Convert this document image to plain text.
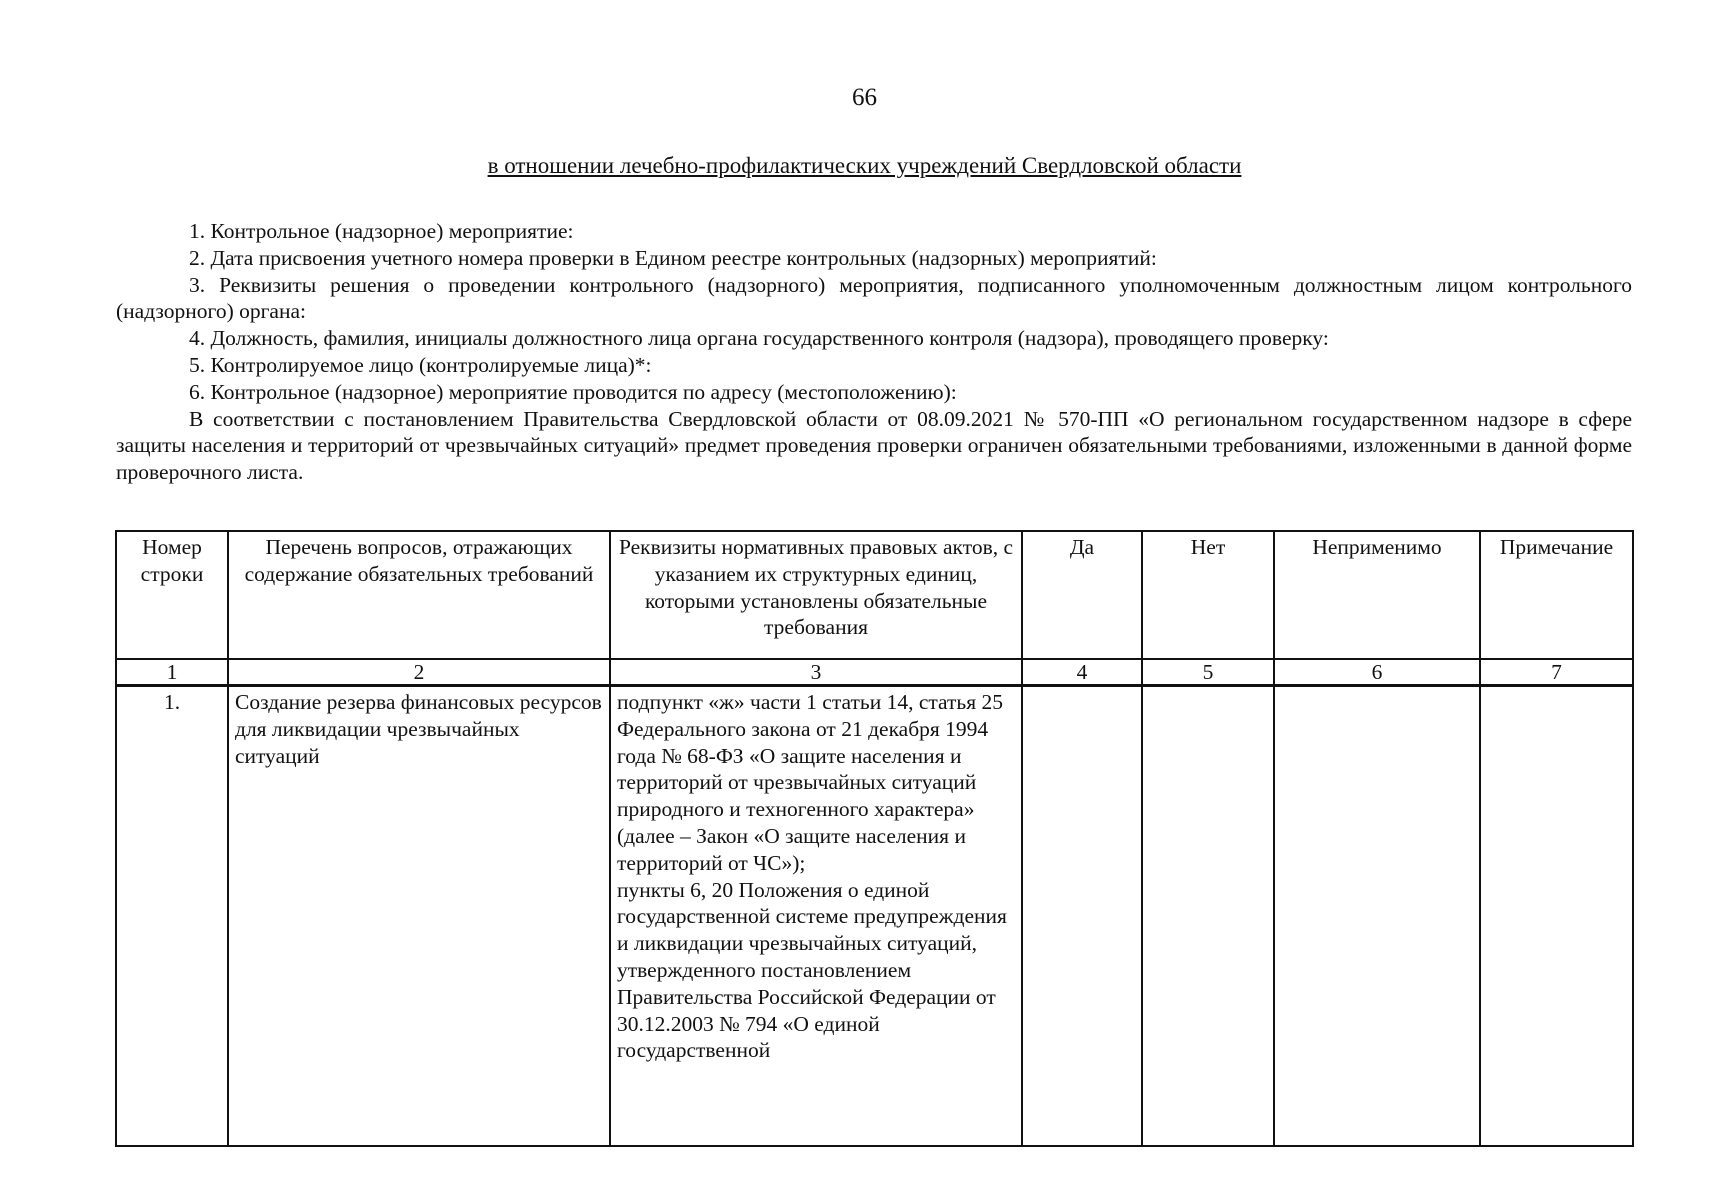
66
в отношении лечебно-профилактических учреждений Свердловской области

1. Контрольное (надзорное) мероприятие:

2. Дата присвоения учетного номера проверки в Едином реестре контрольных (надзорных) мероприятий:

3. Реквизиты решения о проведении контрольного (надзорного) мероприятия, подписанного уполномоченным должностным лицом контрольного (надзорного) органа:

4. Должность, фамилия, инициалы должностного лица органа государственного контроля (надзора), проводящего проверку:

5. Контролируемое лицо (контролируемые лица)*:

6. Контрольное (надзорное) мероприятие проводится по адресу (местоположению):

В соответствии с постановлением Правительства Свердловской области от 08.09.2021 № 570-ПП «О региональном государственном надзоре в сфере защиты населения и территорий от чрезвычайных ситуаций» предмет проведения проверки ограничен обязательными требованиями, изложенными в данной форме проверочного листа.

Номер строки	Перечень вопросов, отражающих содержание обязательных требований	Реквизиты нормативных правовых актов, с указанием их структурных единиц, которыми установлены обязательные требования	Да	Нет	Неприменимо	Примечание
1	2	3	4	5	6	7
1.	Создание резерва финансовых ресурсов для ликвидации чрезвычайных ситуаций	подпункт «ж» части 1 статьи 14, статья 25 Федерального закона от 21 декабря 1994 года № 68-ФЗ «О защите населения и территорий от чрезвычайных ситуаций природного и техногенного характера» (далее – Закон «О защите населения и территорий от ЧС»);
пункты 6, 20 Положения о единой государственной системе предупреждения и ликвидации чрезвычайных ситуаций, утвержденного постановлением Правительства Российской Федерации от 30.12.2003 № 794 «О единой государственной				
